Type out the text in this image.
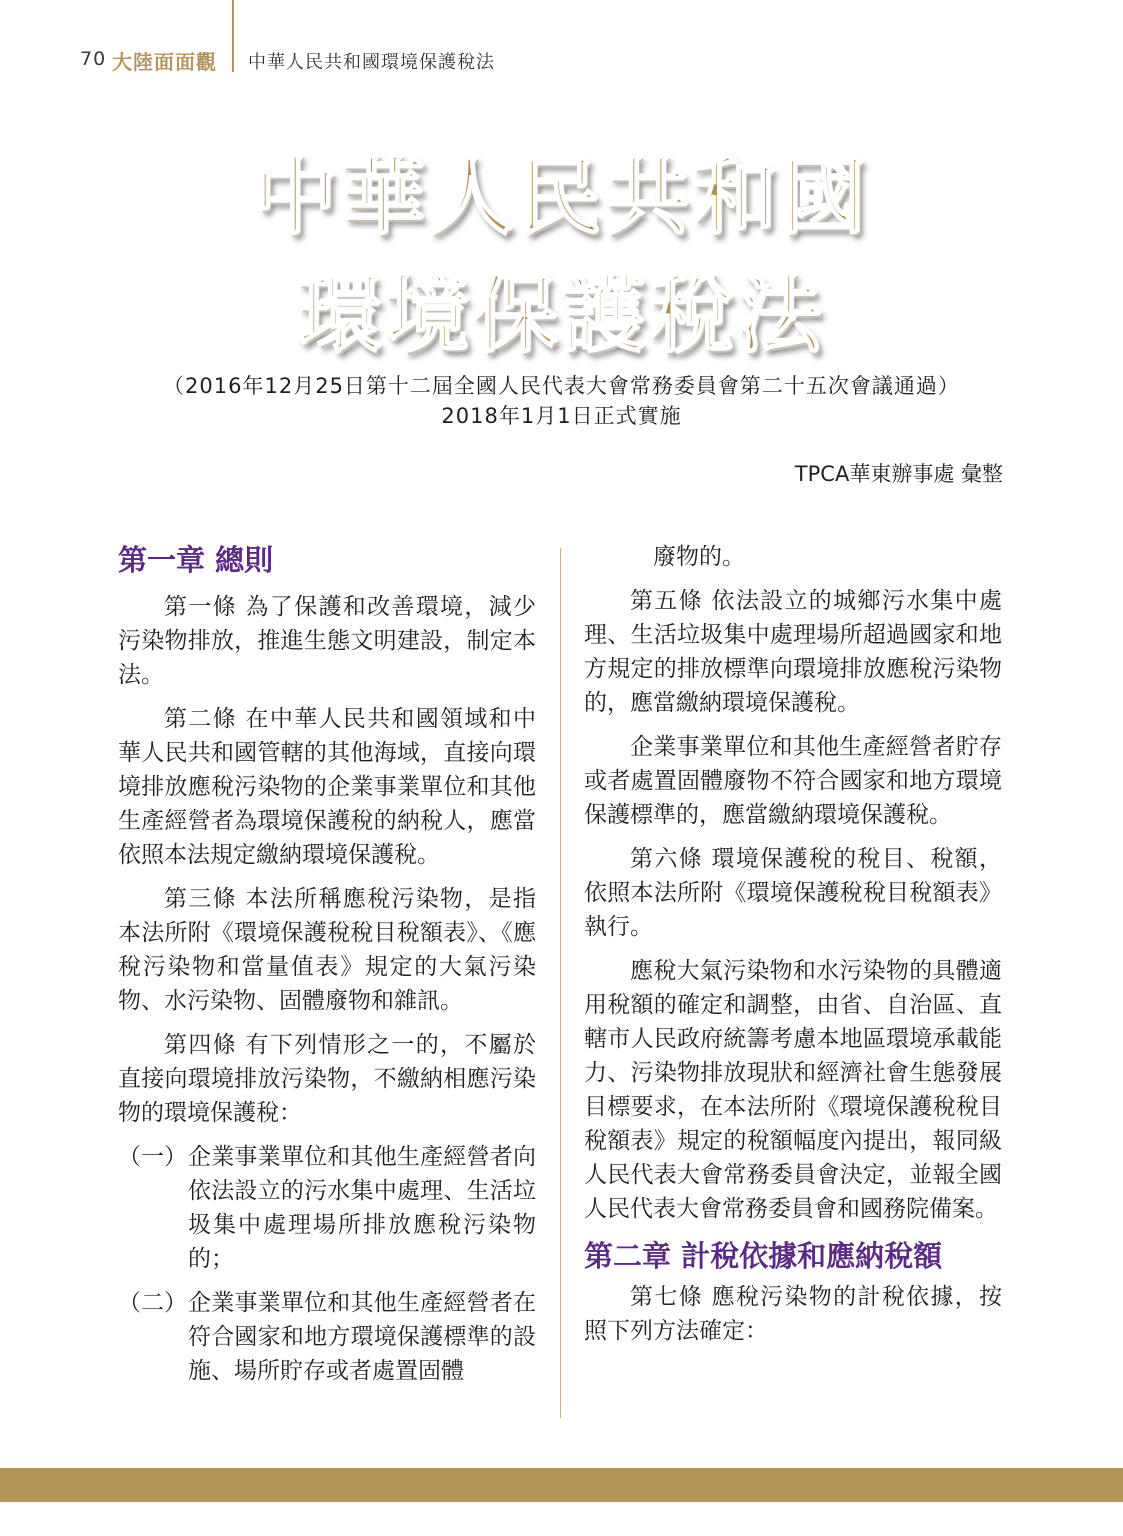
70 大陸面面觀 中華人民共和國環境保護稅法
中華人民共和國
環境保護稅法
（2016年12月25日第十二屆全國人民代表大會常務委員會第二十五次會議通過）
2018年1月1日正式實施
TPCA華東辦事處 彙整
第一章 總則

第一條 為了保護和改善環境，減少污染物排放，推進生態文明建設，制定本法。

第二條 在中華人民共和國領域和中華人民共和國管轄的其他海域，直接向環境排放應稅污染物的企業事業單位和其他生產經營者為環境保護稅的納稅人，應當依照本法規定繳納環境保護稅。

第三條 本法所稱應稅污染物，是指本法所附《環境保護稅稅目稅額表》、《應稅污染物和當量值表》規定的大氣污染物、水污染物、固體廢物和雜訊。

第四條 有下列情形之一的，不屬於直接向環境排放污染物，不繳納相應污染物的環境保護稅：

（一） 企業事業單位和其他生產經營者向依法設立的污水集中處理、生活垃圾集中處理場所排放應稅污染物的；
（二） 企業事業單位和其他生產經營者在符合國家和地方環境保護標準的設施、場所貯存或者處置固體

廢物的。

第五條 依法設立的城鄉污水集中處理、生活垃圾集中處理場所超過國家和地方規定的排放標準向環境排放應稅污染物的，應當繳納環境保護稅。

企業事業單位和其他生產經營者貯存或者處置固體廢物不符合國家和地方環境保護標準的，應當繳納環境保護稅。

第六條 環境保護稅的稅目、稅額，依照本法所附《環境保護稅稅目稅額表》執行。

應稅大氣污染物和水污染物的具體適用稅額的確定和調整，由省、自治區、直轄市人民政府統籌考慮本地區環境承載能力、污染物排放現狀和經濟社會生態發展目標要求，在本法所附《環境保護稅稅目稅額表》規定的稅額幅度內提出，報同級人民代表大會常務委員會決定，並報全國人民代表大會常務委員會和國務院備案。

第二章 計稅依據和應納稅額

第七條 應稅污染物的計稅依據，按照下列方法確定：
